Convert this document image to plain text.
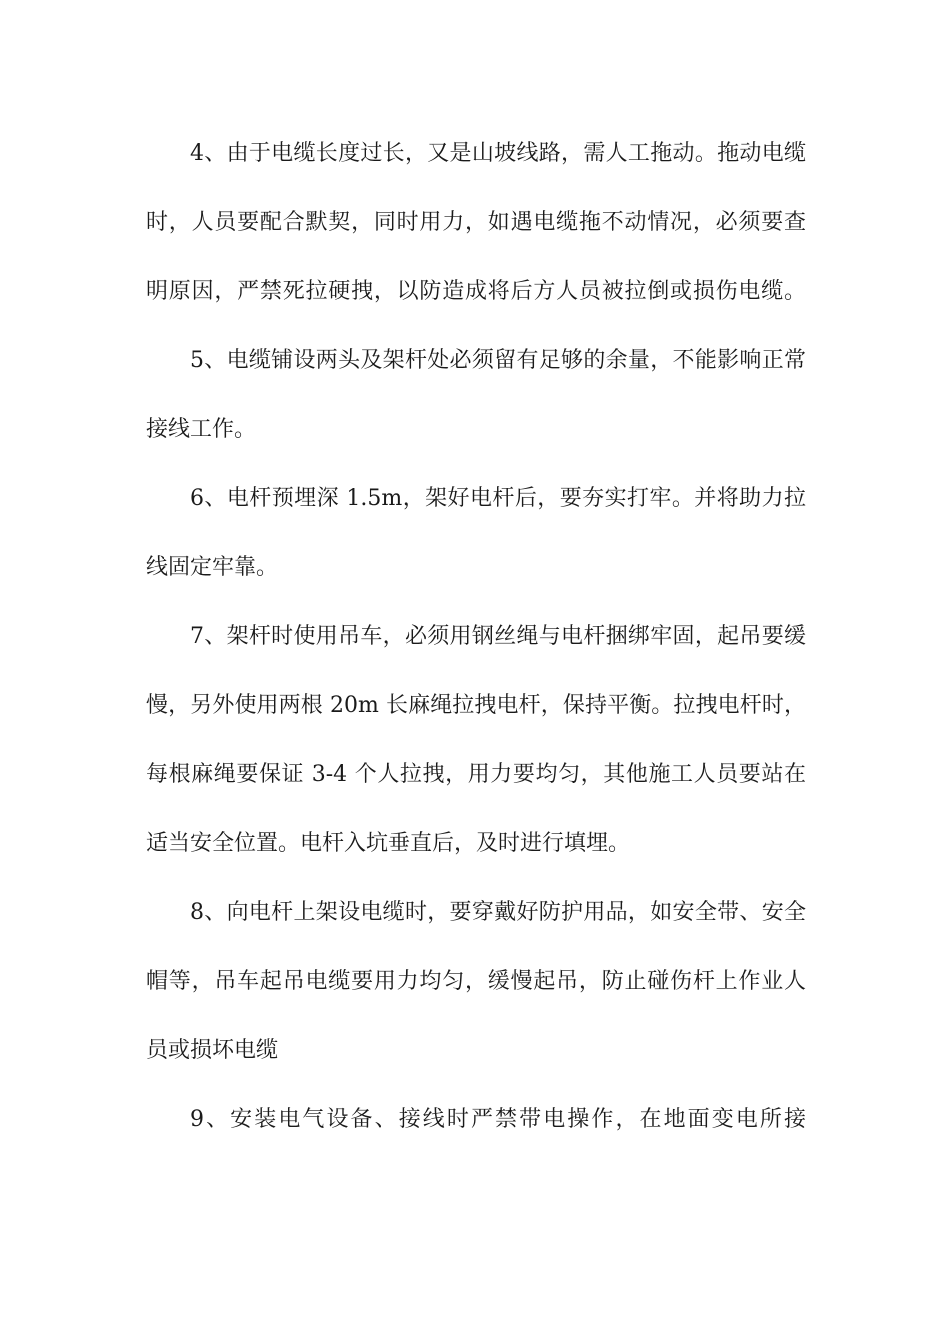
4、由于电缆长度过长，又是山坡线路，需人工拖动。拖动电缆
时，人员要配合默契，同时用力，如遇电缆拖不动情况，必须要查
明原因，严禁死拉硬拽，以防造成将后方人员被拉倒或损伤电缆。
5、电缆铺设两头及架杆处必须留有足够的余量，不能影响正常
接线工作。
6、电杆预埋深 1.5m，架好电杆后，要夯实打牢。并将助力拉
线固定牢靠。
7、架杆时使用吊车，必须用钢丝绳与电杆捆绑牢固，起吊要缓
慢，另外使用两根 20m 长麻绳拉拽电杆，保持平衡。拉拽电杆时，
每根麻绳要保证 3-4 个人拉拽，用力要均匀，其他施工人员要站在
适当安全位置。电杆入坑垂直后，及时进行填埋。
8、向电杆上架设电缆时，要穿戴好防护用品，如安全带、安全
帽等，吊车起吊电缆要用力均匀，缓慢起吊，防止碰伤杆上作业人
员或损坏电缆
9、安装电气设备、接线时严禁带电操作，在地面变电所接
